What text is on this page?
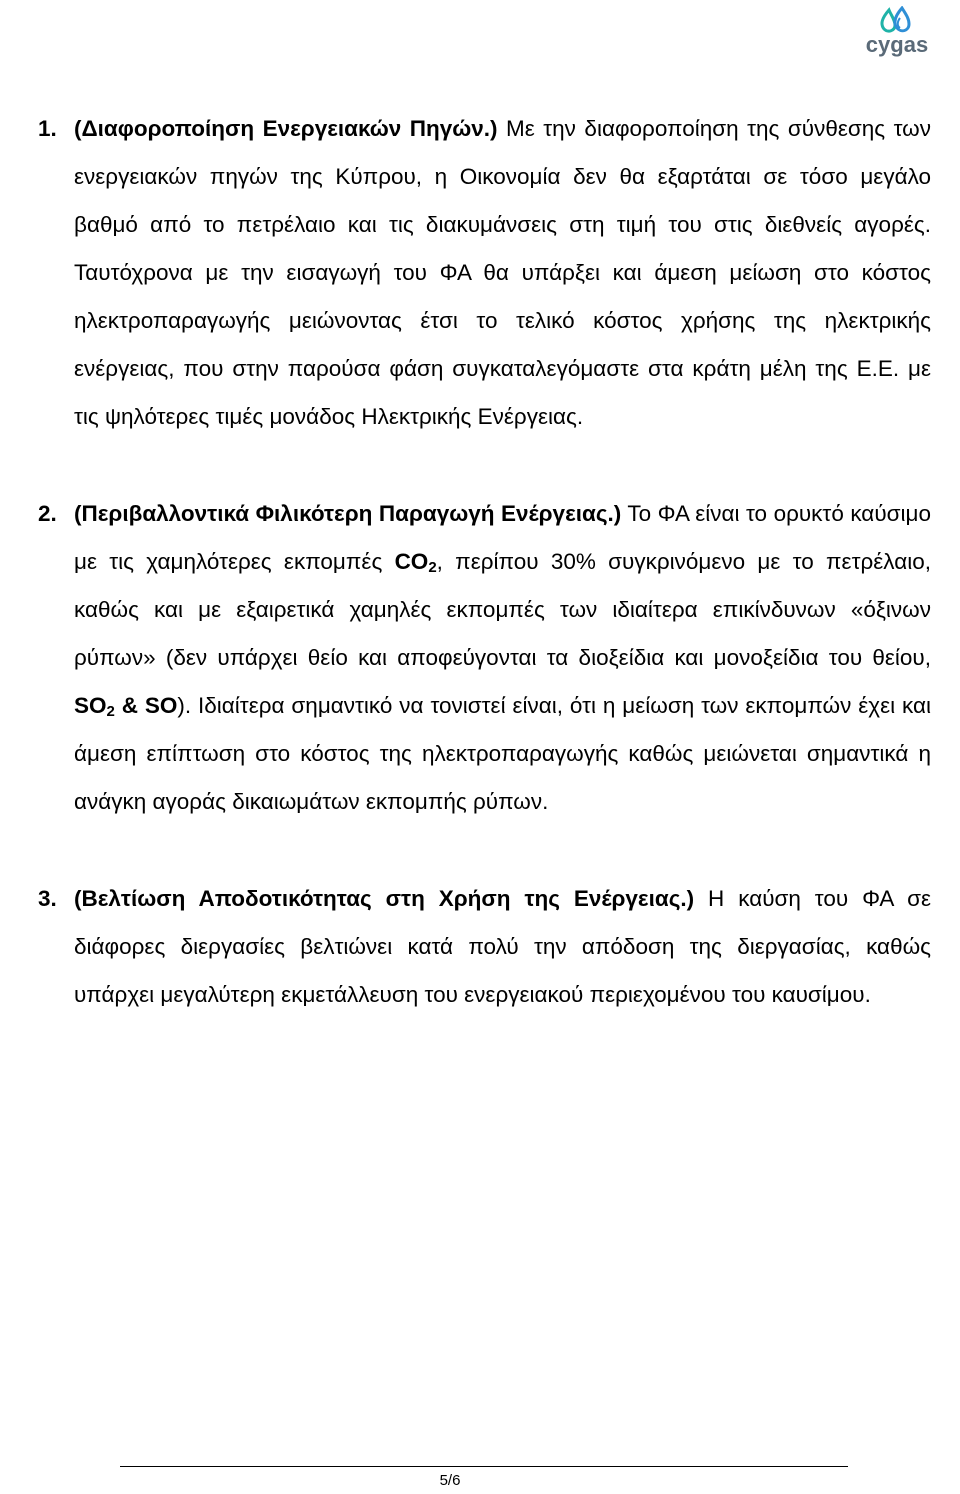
cygas
1. (Διαφοροποίηση Ενεργειακών Πηγών.) Με την διαφοροποίηση της σύνθεσης των ενεργειακών πηγών της Κύπρου, η Οικονομία δεν θα εξαρτάται σε τόσο μεγάλο βαθμό από το πετρέλαιο και τις διακυμάνσεις στη τιμή του στις διεθνείς αγορές. Ταυτόχρονα με την εισαγωγή του ΦΑ θα υπάρξει και άμεση μείωση στο κόστος ηλεκτροπαραγωγής μειώνοντας έτσι το τελικό κόστος χρήσης της ηλεκτρικής ενέργειας, που στην παρούσα φάση συγκαταλεγόμαστε στα κράτη μέλη της Ε.Ε. με τις ψηλότερες τιμές μονάδος Ηλεκτρικής Ενέργειας.
2. (Περιβαλλοντικά Φιλικότερη Παραγωγή Ενέργειας.) Το ΦΑ είναι το ορυκτό καύσιμο με τις χαμηλότερες εκπομπές $CO_2$, περίπου 30% συγκρινόμενο με το πετρέλαιο, καθώς και με εξαιρετικά χαμηλές εκπομπές των ιδιαίτερα επικίνδυνων «όξινων ρύπων» (δεν υπάρχει θείο και αποφεύγονται τα διοξείδια και μονοξείδια του θείου, $SO_2$ & SO). Ιδιαίτερα σημαντικό να τονιστεί είναι, ότι η μείωση των εκπομπών έχει και άμεση επίπτωση στο κόστος της ηλεκτροπαραγωγής καθώς μειώνεται σημαντικά η ανάγκη αγοράς δικαιωμάτων εκπομπής ρύπων.
3. (Βελτίωση Αποδοτικότητας στη Χρήση της Ενέργειας.) Η καύση του ΦΑ σε διάφορες διεργασίες βελτιώνει κατά πολύ την απόδοση της διεργασίας, καθώς υπάρχει μεγαλύτερη εκμετάλλευση του ενεργειακού περιεχομένου του καυσίμου.
5/6
